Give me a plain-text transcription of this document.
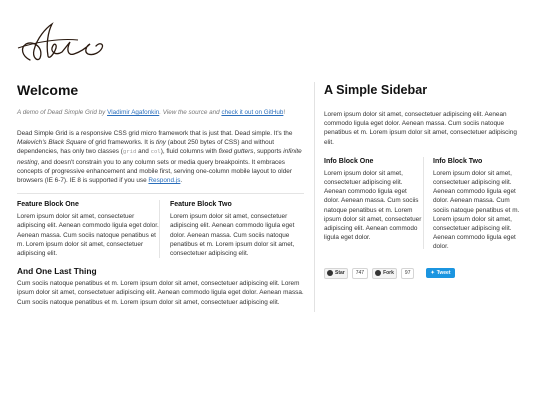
Welcome

A demo of Dead Simple Grid by Vladimir Agafonkin. View the source and check it out on GitHub!

Dead Simple Grid is a responsive CSS grid micro framework that is just that. Dead simple. It's the Malevich's Black Square of grid frameworks. It is tiny (about 250 bytes of CSS) and without dependencies, has only two classes (grid and col), fluid columns with fixed gutters, supports infinite nesting, and doesn't constrain you to any column sets or media query breakpoints. It embraces concepts of progressive enhancement and mobile first, serving one-column mobile layout to older browsers (IE 6-7). IE 8 is supported if you use Respond.js.

Feature Block One

Lorem ipsum dolor sit amet, consectetuer adipiscing elit. Aenean commodo ligula eget dolor. Aenean massa. Cum sociis natoque penatibus et m. Lorem ipsum dolor sit amet, consectetuer adipiscing elit.

Feature Block Two

Lorem ipsum dolor sit amet, consectetuer adipiscing elit. Aenean commodo ligula eget dolor. Aenean massa. Cum sociis natoque penatibus et m. Lorem ipsum dolor sit amet, consectetuer adipiscing elit.

And One Last Thing

Cum sociis natoque penatibus et m. Lorem ipsum dolor sit amet, consectetuer adipiscing elit. Lorem ipsum dolor sit amet, consectetuer adipiscing elit. Aenean commodo ligula eget dolor. Aenean massa. Cum sociis natoque penatibus et m. Lorem ipsum dolor sit amet, consectetuer adipiscing elit.

A Simple Sidebar

Lorem ipsum dolor sit amet, consectetuer adipiscing elit. Aenean commodo ligula eget dolor. Aenean massa. Cum sociis natoque penatibus et m. Lorem ipsum dolor sit amet, consectetuer adipiscing elit.

Info Block One

Lorem ipsum dolor sit amet, consectetuer adipiscing elit. Aenean commodo ligula eget dolor. Aenean massa. Cum sociis natoque penatibus et m. Lorem ipsum dolor sit amet, consectetuer adipiscing elit. Aenean commodo ligula eget dolor.

Info Block Two

Lorem ipsum dolor sit amet, consectetuer adipiscing elit. Aenean commodo ligula eget dolor. Aenean massa. Cum sociis natoque penatibus et m. Lorem ipsum dolor sit amet, consectetuer adipiscing elit. Aenean commodo ligula eget dolor.

Star	747	Fork	97	✦ Tweet
